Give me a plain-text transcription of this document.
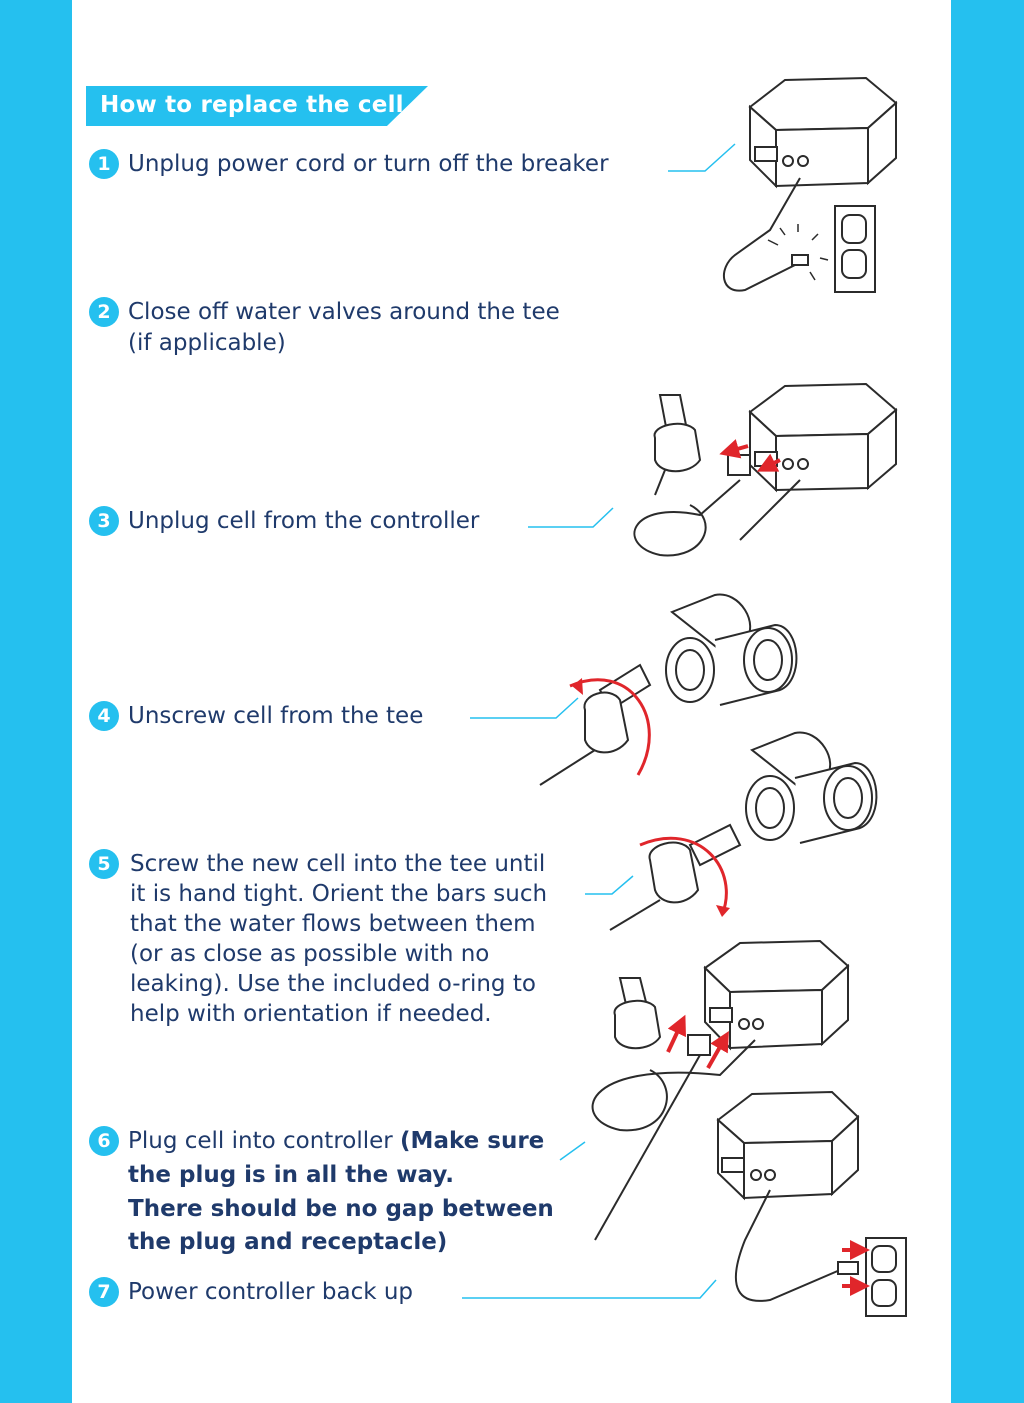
How to replace the cell
1 Unplug power cord or turn off the breaker
2 Close off water valves around the tee
(if applicable)
3 Unplug cell from the controller
4 Unscrew cell from the tee
5 Screw the new cell into the tee until
it is hand tight. Orient the bars such
that the water flows between them
(or as close as possible with no
leaking). Use the included o-ring to
help with orientation if needed.
6 Plug cell into controller (Make sure
the plug is in all the way.
There should be no gap between
the plug and receptacle)
7 Power controller back up
